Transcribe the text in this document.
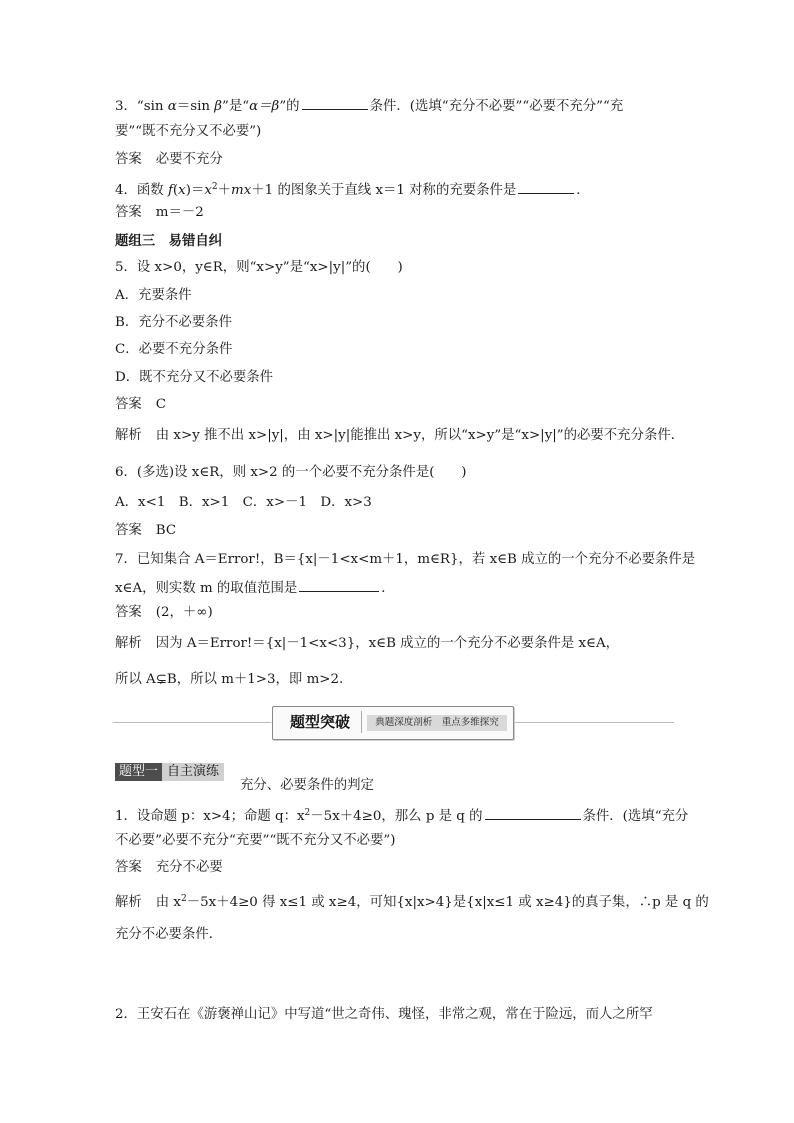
3．“sin α＝sin β”是“α＝β”的	条件．(选填“充分不必要”“必要不充分”“充
要”“既不充分又不必要”)
答案 必要不充分
4．函数 $f(x)=x^2+mx+1$ 的图象关于直线 x＝1 对称的充要条件是	．
答案 m＝－2
题组三　易错自纠
5．设 x>0，y∈R，则“x>y”是“x>|y|”的(　　)
A．充要条件
B．充分不必要条件
C．必要不充分条件
D．既不充分又不必要条件
答案 C
解析 由 x>y 推不出 x>|y|，由 x>|y|能推出 x>y，所以“x>y”是“x>|y|”的必要不充分条件．
6．(多选)设 x∈R，则 x>2 的一个必要不充分条件是(　　)
A．x<1　B．x>1　C．x>－1　D．x>3
答案 BC
7．已知集合 A＝Error!，B＝{x|－1<x<m＋1，m∈R}，若 x∈B 成立的一个充分不必要条件是
x∈A，则实数 m 的取值范围是	．
答案 (2，＋∞)
解析 因为 A＝Error!＝{x|－1<x<3}，x∈B 成立的一个充分不必要条件是 x∈A，
所以 A⊊B，所以 m＋1>3，即 m>2.
题型突破	典题深度剖析　重点多维探究
题型一 自主演练
充分、必要条件的判定
1．设命题 p：x>4；命题 q：$x^2-5x+4\ge 0$，那么 p 是 q 的	条件．(选填“充分
不必要”必要不充分“充要”“既不充分又不必要”)
答案 充分不必要
解析 由 $x^2-5x+4\ge 0$ 得 x≤1 或 x≥4，可知{x|x>4}是{x|x≤1 或 x≥4}的真子集，∴p 是 q 的
充分不必要条件．
2．王安石在《游褒禅山记》中写道“世之奇伟、瑰怪，非常之观，常在于险远，而人之所罕
